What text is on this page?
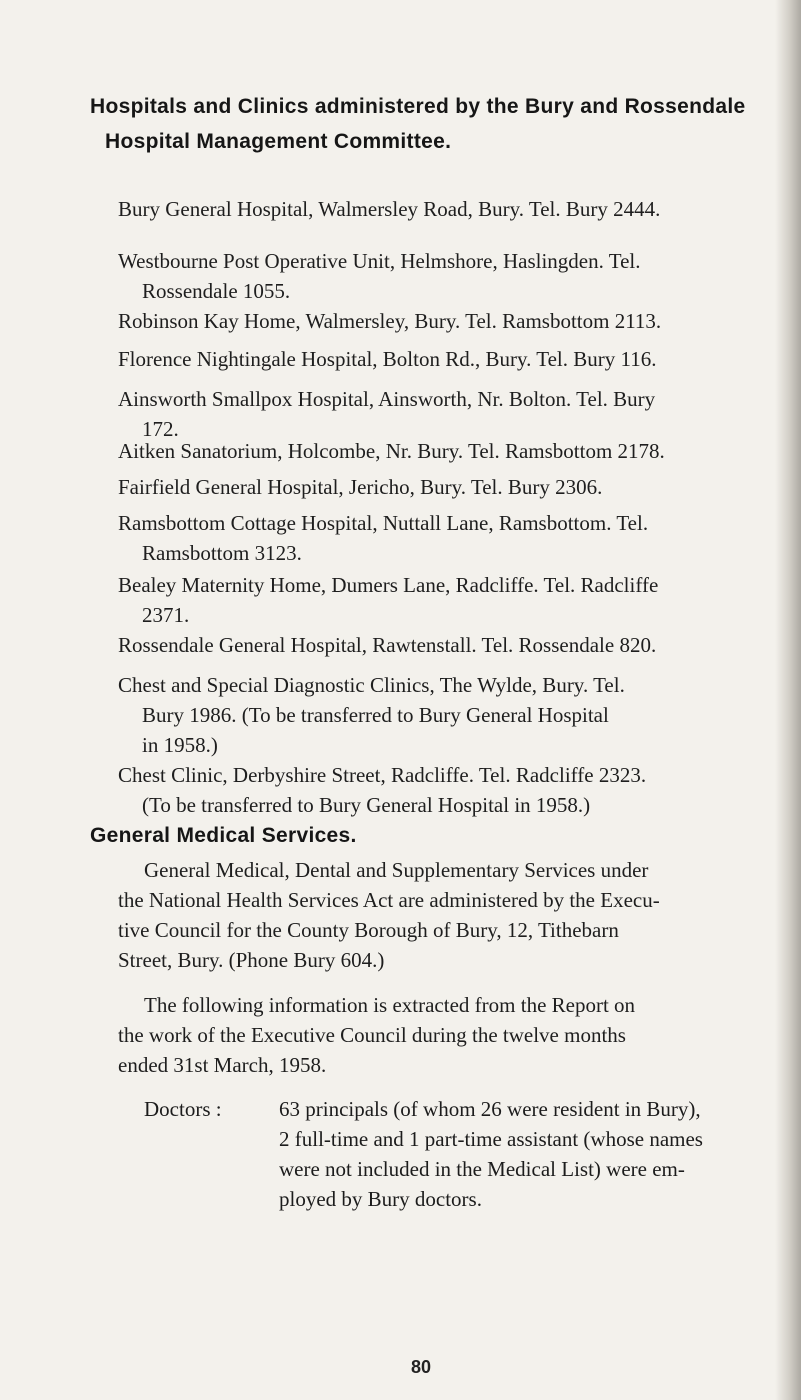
Hospitals and Clinics administered by the Bury and Rossendale
Hospital Management Committee.
Bury General Hospital, Walmersley Road, Bury. Tel. Bury 2444.
Westbourne Post Operative Unit, Helmshore, Haslingden. Tel.
Rossendale 1055.
Robinson Kay Home, Walmersley, Bury. Tel. Ramsbottom 2113.
Florence Nightingale Hospital, Bolton Rd., Bury. Tel. Bury 116.
Ainsworth Smallpox Hospital, Ainsworth, Nr. Bolton. Tel. Bury
172.
Aitken Sanatorium, Holcombe, Nr. Bury. Tel. Ramsbottom 2178.
Fairfield General Hospital, Jericho, Bury. Tel. Bury 2306.
Ramsbottom Cottage Hospital, Nuttall Lane, Ramsbottom. Tel.
Ramsbottom 3123.
Bealey Maternity Home, Dumers Lane, Radcliffe. Tel. Radcliffe
2371.
Rossendale General Hospital, Rawtenstall. Tel. Rossendale 820.
Chest and Special Diagnostic Clinics, The Wylde, Bury. Tel.
Bury 1986. (To be transferred to Bury General Hospital
in 1958.)
Chest Clinic, Derbyshire Street, Radcliffe. Tel. Radcliffe 2323.
(To be transferred to Bury General Hospital in 1958.)
General Medical Services.
General Medical, Dental and Supplementary Services under
the National Health Services Act are administered by the Execu-
tive Council for the County Borough of Bury, 12, Tithebarn
Street, Bury. (Phone Bury 604.)
The following information is extracted from the Report on
the work of the Executive Council during the twelve months
ended 31st March, 1958.
Doctors :	63 principals (of whom 26 were resident in Bury),
2 full-time and 1 part-time assistant (whose names
were not included in the Medical List) were em-
ployed by Bury doctors.
80
